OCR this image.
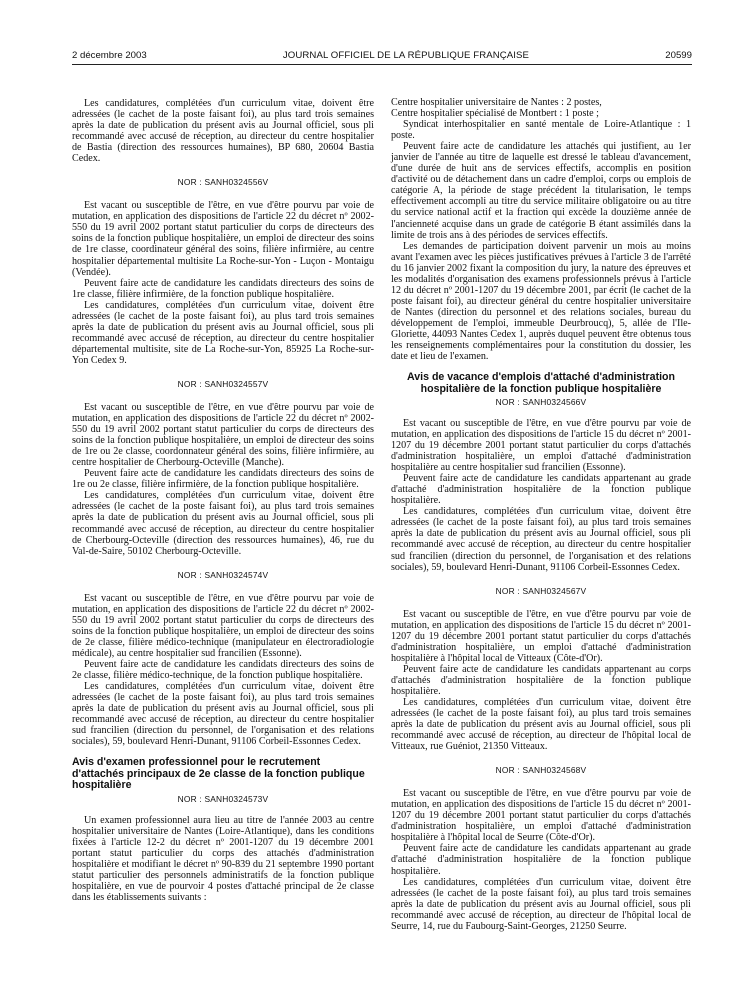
2 décembre 2003	JOURNAL OFFICIEL DE LA RÉPUBLIQUE FRANÇAISE	20599

Les candidatures, complétées d'un curriculum vitae, doivent être adressées (le cachet de la poste faisant foi), au plus tard trois semaines après la date de publication du présent avis au Journal officiel, sous pli recommandé avec accusé de réception, au directeur du centre hospitalier de Bastia (direction des ressources humaines), BP 680, 20604 Bastia Cedex.

NOR : SANH0324556V

Est vacant ou susceptible de l'être, en vue d'être pourvu par voie de mutation, en application des dispositions de l'article 22 du décret nº 2002-550 du 19 avril 2002 portant statut particulier du corps de directeurs des soins de la fonction publique hospitalière, un emploi de directeur des soins de 1re classe, coordinateur général des soins, filière infirmière, au centre hospitalier départemental multisite La Roche-sur-Yon - Luçon - Montaigu (Vendée).

Peuvent faire acte de candidature les candidats directeurs des soins de 1re classe, filière infirmière, de la fonction publique hospitalière.

Les candidatures, complétées d'un curriculum vitae, doivent être adressées (le cachet de la poste faisant foi), au plus tard trois semaines après la date de publication du présent avis au Journal officiel, sous pli recommandé avec accusé de réception, au directeur du centre hospitalier départemental multisite, site de La Roche-sur-Yon, 85925 La Roche-sur-Yon Cedex 9.

NOR : SANH0324557V

Est vacant ou susceptible de l'être, en vue d'être pourvu par voie de mutation, en application des dispositions de l'article 22 du décret nº 2002-550 du 19 avril 2002 portant statut particulier du corps de directeurs des soins de la fonction publique hospitalière, un emploi de directeur des soins de 1re ou 2e classe, coordonnateur général des soins, filière infirmière, au centre hospitalier de Cherbourg-Octeville (Manche).

Peuvent faire acte de candidature les candidats directeurs des soins de 1re ou 2e classe, filière infirmière, de la fonction publique hospitalière.

Les candidatures, complétées d'un curriculum vitae, doivent être adressées (le cachet de la poste faisant foi), au plus tard trois semaines après la date de publication du présent avis au Journal officiel, sous pli recommandé avec accusé de réception, au directeur du centre hospitalier de Cherbourg-Octeville (direction des ressources humaines), 46, rue du Val-de-Saire, 50102 Cherbourg-Octeville.

NOR : SANH0324574V

Est vacant ou susceptible de l'être, en vue d'être pourvu par voie de mutation, en application des dispositions de l'article 22 du décret nº 2002-550 du 19 avril 2002 portant statut particulier du corps de directeurs des soins de la fonction publique hospitalière, un emploi de directeur des soins de 2e classe, filière médico-technique (manipulateur en électroradiologie médicale), au centre hospitalier sud francilien (Essonne).

Peuvent faire acte de candidature les candidats directeurs des soins de 2e classe, filière médico-technique, de la fonction publique hospitalière.

Les candidatures, complétées d'un curriculum vitae, doivent être adressées (le cachet de la poste faisant foi), au plus tard trois semaines après la date de publication du présent avis au Journal officiel, sous pli recommandé avec accusé de réception, au directeur du centre hospitalier sud francilien (direction du personnel, de l'organisation et des relations sociales), 59, boulevard Henri-Dunant, 91106 Corbeil-Essonnes Cedex.

Avis d'examen professionnel pour le recrutement d'attachés principaux de 2e classe de la fonction publique hospitalière

NOR : SANH0324573V

Un examen professionnel aura lieu au titre de l'année 2003 au centre hospitalier universitaire de Nantes (Loire-Atlantique), dans les conditions fixées à l'article 12-2 du décret nº 2001-1207 du 19 décembre 2001 portant statut particulier du corps des attachés d'administration hospitalière et modifiant le décret nº 90-839 du 21 septembre 1990 portant statut particulier des personnels administratifs de la fonction publique hospitalière, en vue de pourvoir 4 postes d'attaché principal de 2e classe dans les établissements suivants :

Centre hospitalier universitaire de Nantes : 2 postes,

Centre hospitalier spécialisé de Montbert : 1 poste ;

Syndicat interhospitalier en santé mentale de Loire-Atlantique : 1 poste.

Peuvent faire acte de candidature les attachés qui justifient, au 1er janvier de l'année au titre de laquelle est dressé le tableau d'avancement, d'une durée de huit ans de services effectifs, accomplis en position d'activité ou de détachement dans un cadre d'emploi, corps ou emplois de catégorie A, la période de stage précédent la titularisation, le temps effectivement accompli au titre du service militaire obligatoire ou au titre du service national actif et la fraction qui excède la douzième année de l'ancienneté acquise dans un grade de catégorie B étant assimilés dans la limite de trois ans à des périodes de services effectifs.

Les demandes de participation doivent parvenir un mois au moins avant l'examen avec les pièces justificatives prévues à l'article 3 de l'arrêté du 16 janvier 2002 fixant la composition du jury, la nature des épreuves et les modalités d'organisation des examens professionnels prévus à l'article 12 du décret nº 2001-1207 du 19 décembre 2001, par écrit (le cachet de la poste faisant foi), au directeur général du centre hospitalier universitaire de Nantes (direction du personnel et des relations sociales, bureau du développement de l'emploi, immeuble Deurbroucq), 5, allée de l'Ile-Gloriette, 44093 Nantes Cedex 1, auprès duquel peuvent être obtenus tous les renseignements complémentaires pour la constitution du dossier, les date et lieu de l'examen.

Avis de vacance d'emplois d'attaché d'administration hospitalière de la fonction publique hospitalière

NOR : SANH0324566V

Est vacant ou susceptible de l'être, en vue d'être pourvu par voie de mutation, en application des dispositions de l'article 15 du décret nº 2001-1207 du 19 décembre 2001 portant statut particulier du corps d'attachés d'administration hospitalière, un emploi d'attaché d'administration hospitalière au centre hospitalier sud francilien (Essonne).

Peuvent faire acte de candidature les candidats appartenant au grade d'attaché d'administration hospitalière de la fonction publique hospitalière.

Les candidatures, complétées d'un curriculum vitae, doivent être adressées (le cachet de la poste faisant foi), au plus tard trois semaines après la date de publication du présent avis au Journal officiel, sous pli recommandé avec accusé de réception, au directeur du centre hospitalier sud francilien (direction du personnel, de l'organisation et des relations sociales), 59, boulevard Henri-Dunant, 91106 Corbeil-Essonnes Cedex.

NOR : SANH0324567V

Est vacant ou susceptible de l'être, en vue d'être pourvu par voie de mutation, en application des dispositions de l'article 15 du décret nº 2001-1207 du 19 décembre 2001 portant statut particulier du corps d'attachés d'administration hospitalière, un emploi d'attaché d'administration hospitalière à l'hôpital local de Vitteaux (Côte-d'Or).

Peuvent faire acte de candidature les candidats appartenant au corps d'attachés d'administration hospitalière de la fonction publique hospitalière.

Les candidatures, complétées d'un curriculum vitae, doivent être adressées (le cachet de la poste faisant foi), au plus tard trois semaines après la date de publication du présent avis au Journal officiel, sous pli recommandé avec accusé de réception, au directeur de l'hôpital local de Vitteaux, rue Guéniot, 21350 Vitteaux.

NOR : SANH0324568V

Est vacant ou susceptible de l'être, en vue d'être pourvu par voie de mutation, en application des dispositions de l'article 15 du décret nº 2001-1207 du 19 décembre 2001 portant statut particulier du corps d'attachés d'administration hospitalière, un emploi d'attaché d'administration hospitalière à l'hôpital local de Seurre (Côte-d'Or).

Peuvent faire acte de candidature les candidats appartenant au grade d'attaché d'administration hospitalière de la fonction publique hospitalière.

Les candidatures, complétées d'un curriculum vitae, doivent être adressées (le cachet de la poste faisant foi), au plus tard trois semaines après la date de publication du présent avis au Journal officiel, sous pli recommandé avec accusé de réception, au directeur de l'hôpital local de Seurre, 14, rue du Faubourg-Saint-Georges, 21250 Seurre.
